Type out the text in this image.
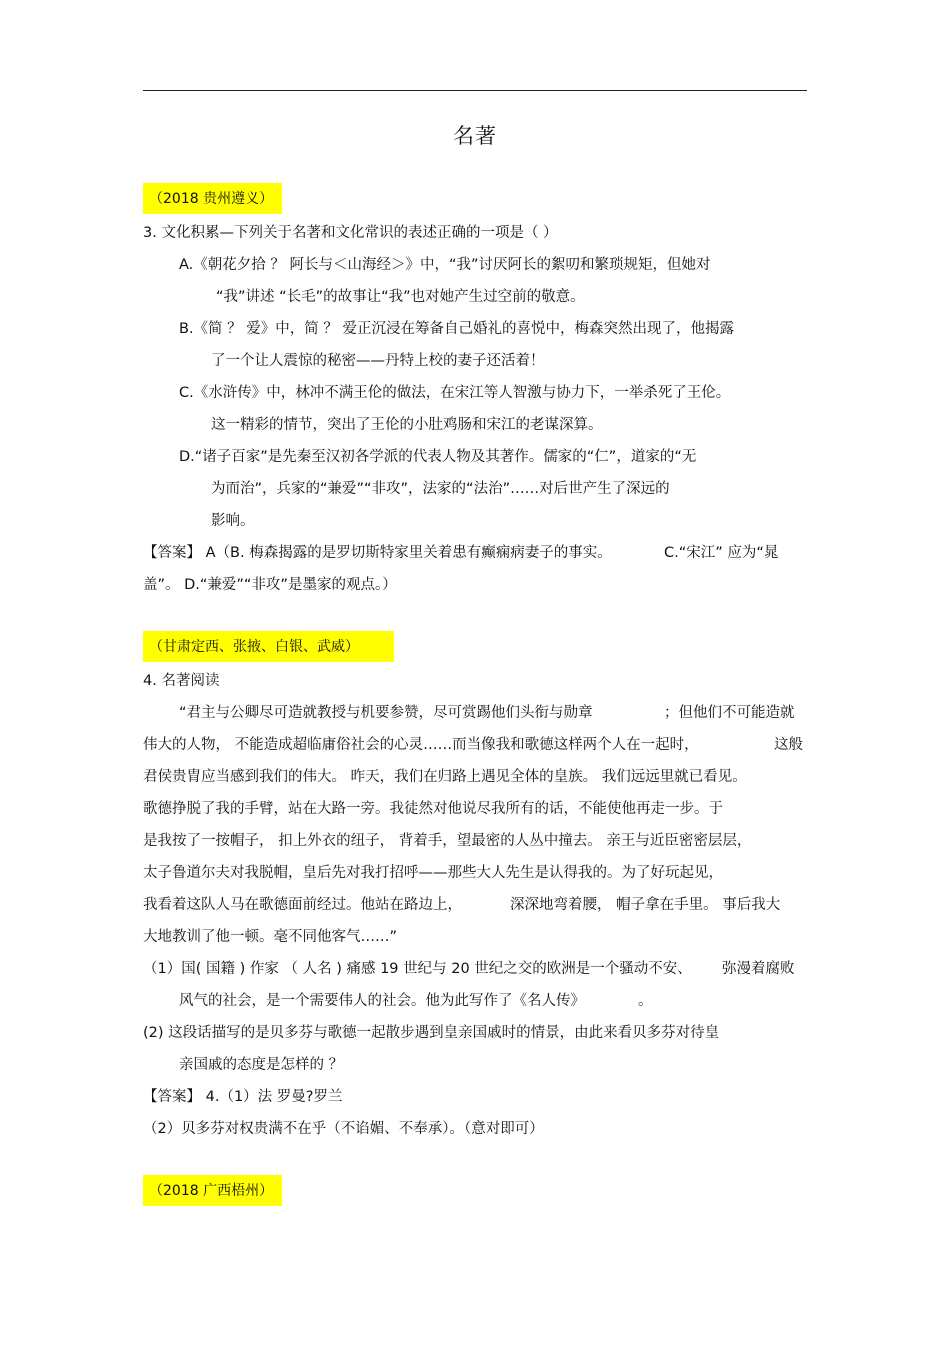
名著
（2018 贵州遵义）
3. 文化积累—下列关于名著和文化常识的表述正确的一项是（ ）
A.《朝花夕拾 ？ 阿长与＜山海经＞》中，“我”讨厌阿长的絮叨和繁琐规矩，但她对
“我”讲述 “长毛”的故事让“我”也对她产生过空前的敬意。
B.《简 ？ 爱》中，简 ？ 爱正沉浸在筹备自己婚礼的喜悦中，梅森突然出现了，他揭露
了一个让人震惊的秘密——丹特上校的妻子还活着！
C.《水浒传》中，林冲不满王伦的做法，在宋江等人智激与协力下，一举杀死了王伦。
这一精彩的情节，突出了王伦的小肚鸡肠和宋江的老谋深算。
D.“诸子百家”是先秦至汉初各学派的代表人物及其著作。儒家的“仁”，道家的“无
为而治”，兵家的“兼爱”“非攻”，法家的“法治”……对后世产生了深远的
影响。
【答案】 A（B. 梅森揭露的是罗切斯特家里关着患有癫痫病妻子的事实。	C.“宋江” 应为“晁
盖”。 D.“兼爱”“非攻”是墨家的观点。）
（甘肃定西、张掖、白银、武威）
4. 名著阅读
“君主与公卿尽可造就教授与机要参赞，尽可赏踢他们头衔与勋章	；但他们不可能造就
伟大的人物， 不能造成超临庸俗社会的心灵……而当像我和歌德这样两个人在一起时，	这般
君侯贵胄应当感到我们的伟大。 昨天，我们在归路上遇见全体的皇族。 我们远远里就已看见。
歌德挣脱了我的手臂，站在大路一旁。我徒然对他说尽我所有的话，不能使他再走一步。于
是我按了一按帽子， 扣上外衣的纽子， 背着手，望最密的人丛中撞去。 亲王与近臣密密层层，
太子鲁道尔夫对我脱帽，皇后先对我打招呼——那些大人先生是认得我的。为了好玩起见，
我看着这队人马在歌德面前经过。他站在路边上，	深深地弯着腰， 帽子拿在手里。 事后我大
大地教训了他一顿。毫不同他客气……”
（1）国( 国籍 ) 作家 （ 人名 ) 痛感 19 世纪与 20 世纪之交的欧洲是一个骚动不安、 弥漫着腐败
风气的社会，是一个需要伟人的社会。他为此写作了《名人传》	。
(2) 这段话描写的是贝多芬与歌德一起散步遇到皇亲国戚时的情景，由此来看贝多芬对待皇
亲国戚的态度是怎样的 ？
【答案】 4.（1）法 罗曼?罗兰
（2）贝多芬对权贵满不在乎（不谄媚、不奉承）。（意对即可）
（2018 广西梧州）
